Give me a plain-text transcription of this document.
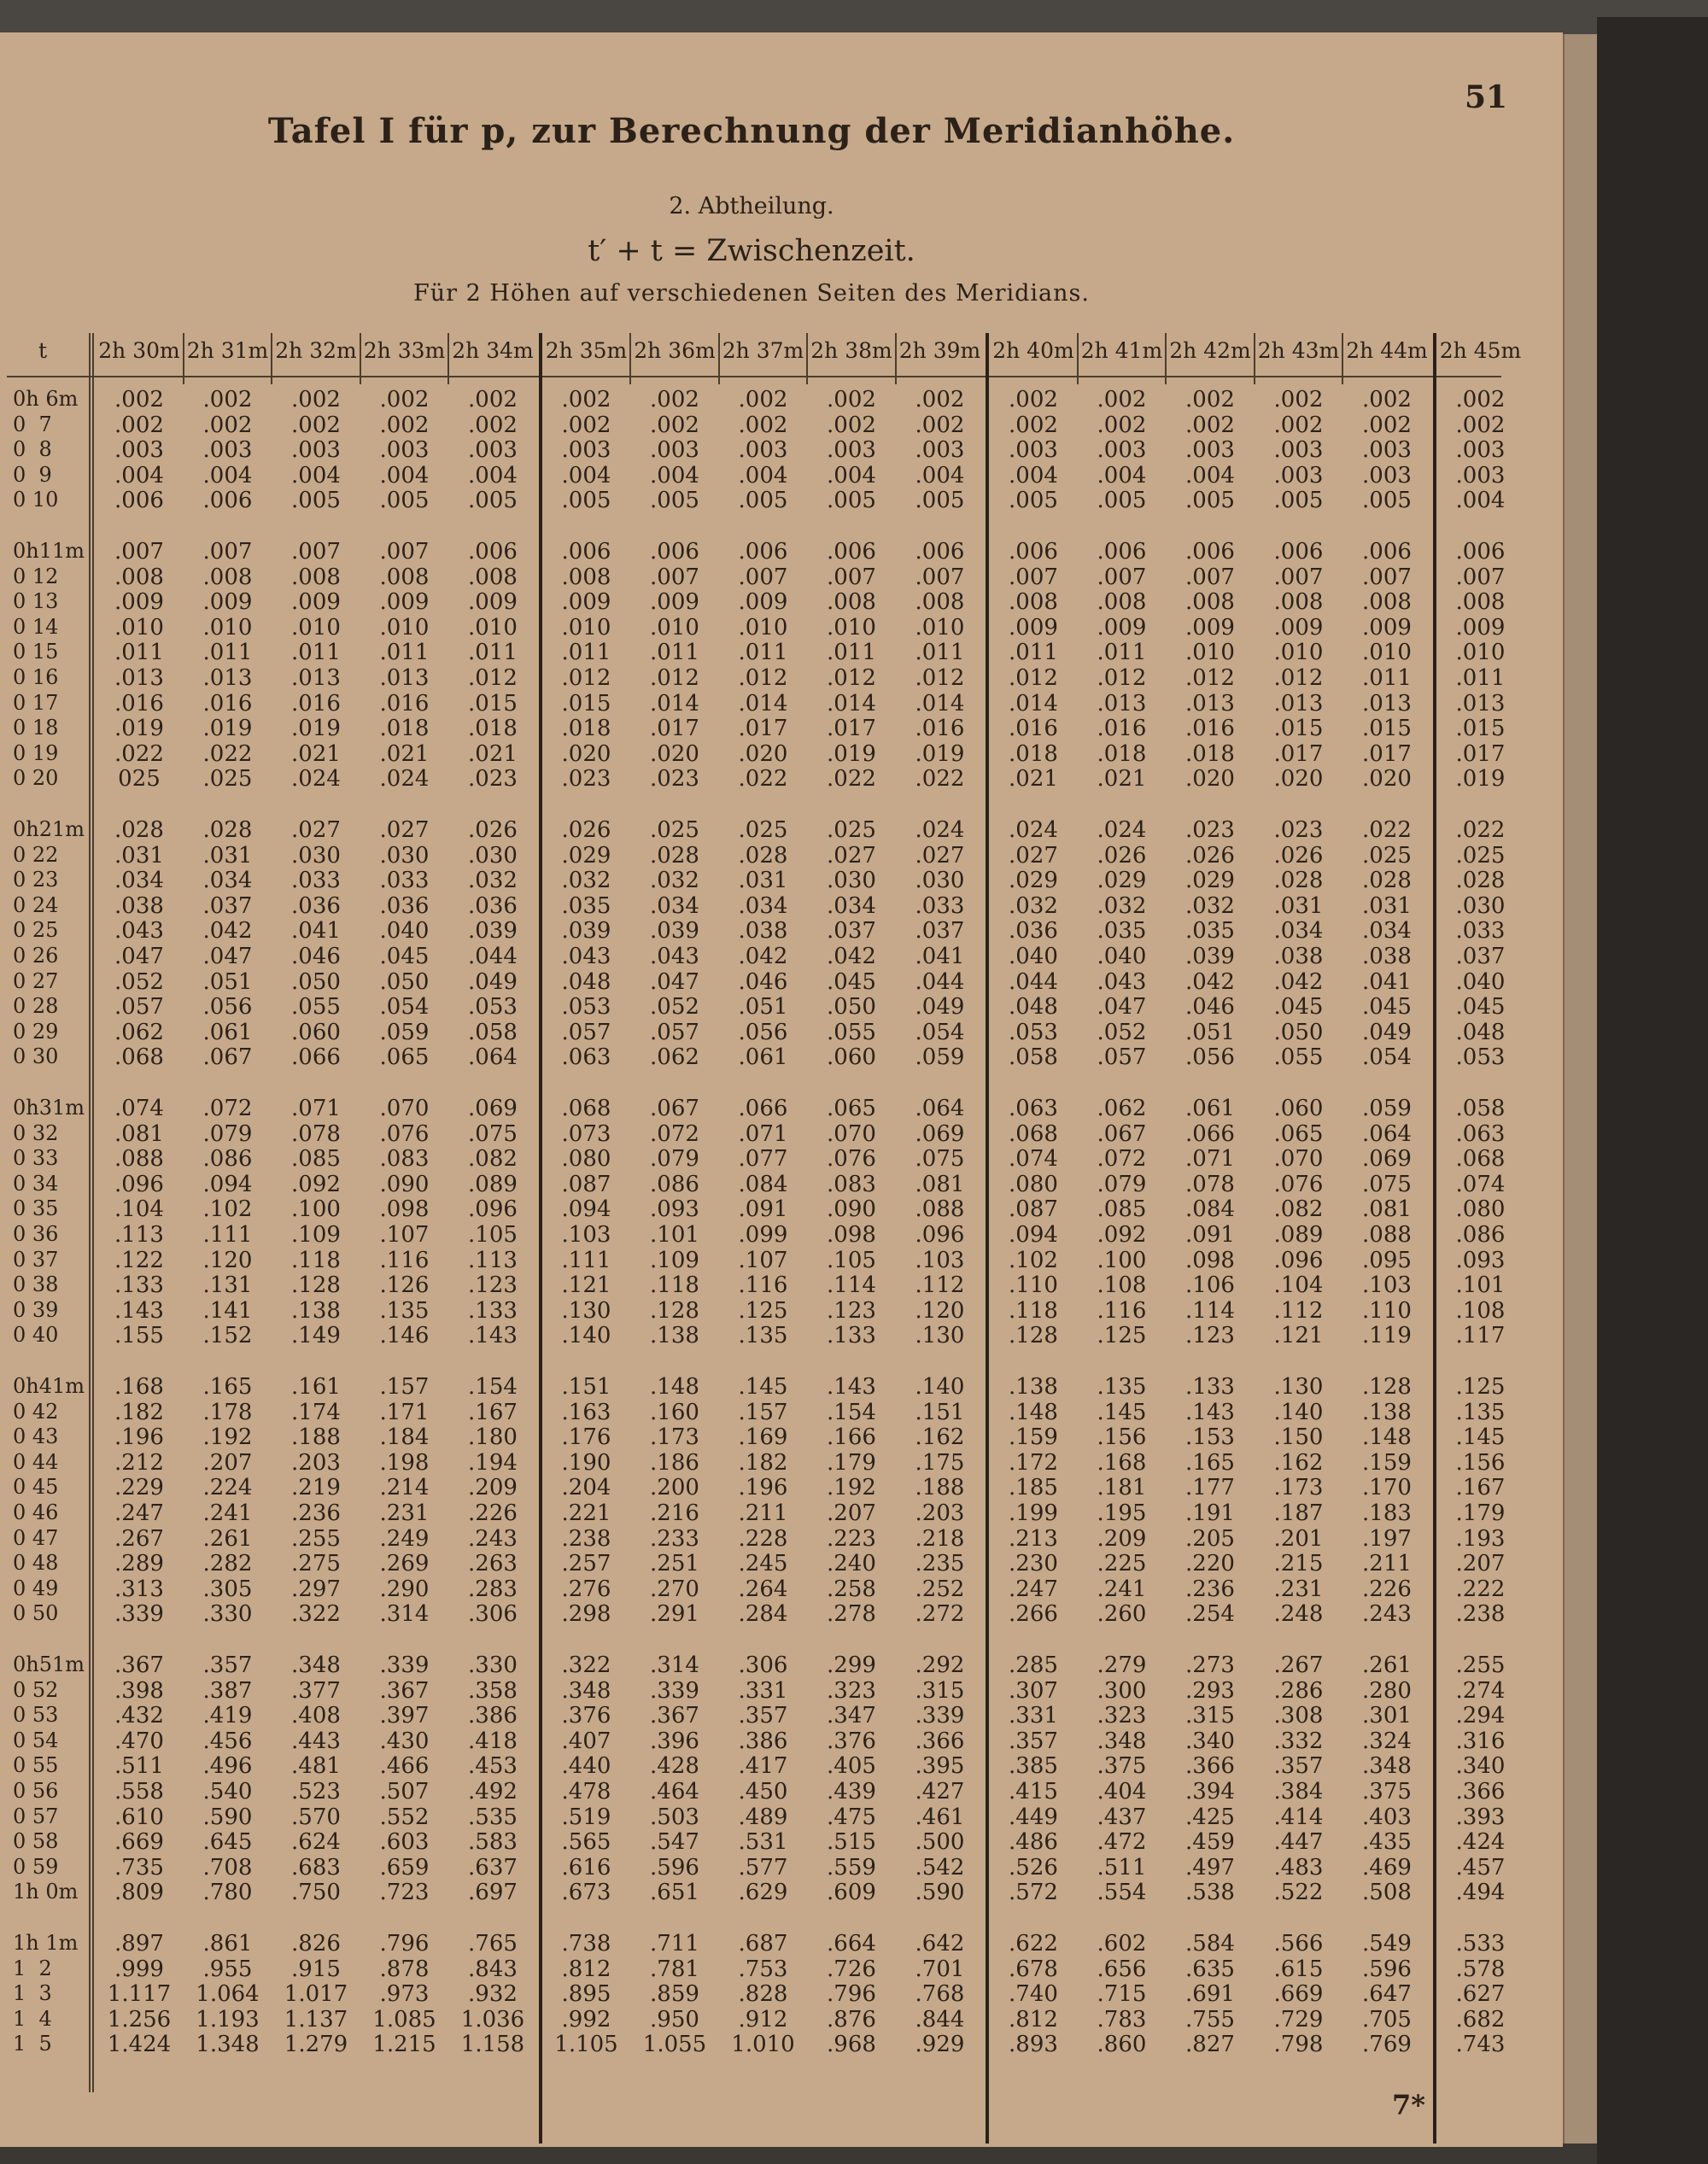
51
Tafel I für p, zur Berechnung der Meridianhöhe.
2. Abtheilung.
t′ + t = Zwischenzeit.
Für 2 Höhen auf verschiedenen Seiten des Meridians.
t	2h 30m 2h 31m 2h 32m 2h 33m 2h 34m 2h 35m 2h 36m 2h 37m 2h 38m 2h 39m 2h 40m 2h 41m 2h 42m 2h 43m 2h 44m 2h 45m
0h 6m	.002	.002	.002	.002	.002	.002	.002	.002	.002	.002	.002	.002	.002	.002	.002	.002
0  7	.002	.002	.002	.002	.002	.002	.002	.002	.002	.002	.002	.002	.002	.002	.002	.002
0  8	.003	.003	.003	.003	.003	.003	.003	.003	.003	.003	.003	.003	.003	.003	.003	.003
0  9	.004	.004	.004	.004	.004	.004	.004	.004	.004	.004	.004	.004	.004	.003	.003	.003
0 10	.006	.006	.005	.005	.005	.005	.005	.005	.005	.005	.005	.005	.005	.005	.005	.004
0h11m	.007	.007	.007	.007	.006	.006	.006	.006	.006	.006	.006	.006	.006	.006	.006	.006
0 12	.008	.008	.008	.008	.008	.008	.007	.007	.007	.007	.007	.007	.007	.007	.007	.007
0 13	.009	.009	.009	.009	.009	.009	.009	.009	.008	.008	.008	.008	.008	.008	.008	.008
0 14	.010	.010	.010	.010	.010	.010	.010	.010	.010	.010	.009	.009	.009	.009	.009	.009
0 15	.011	.011	.011	.011	.011	.011	.011	.011	.011	.011	.011	.011	.010	.010	.010	.010
0 16	.013	.013	.013	.013	.012	.012	.012	.012	.012	.012	.012	.012	.012	.012	.011	.011
0 17	.016	.016	.016	.016	.015	.015	.014	.014	.014	.014	.014	.013	.013	.013	.013	.013
0 18	.019	.019	.019	.018	.018	.018	.017	.017	.017	.016	.016	.016	.016	.015	.015	.015
0 19	.022	.022	.021	.021	.021	.020	.020	.020	.019	.019	.018	.018	.018	.017	.017	.017
0 20	025	.025	.024	.024	.023	.023	.023	.022	.022	.022	.021	.021	.020	.020	.020	.019
0h21m	.028	.028	.027	.027	.026	.026	.025	.025	.025	.024	.024	.024	.023	.023	.022	.022
0 22	.031	.031	.030	.030	.030	.029	.028	.028	.027	.027	.027	.026	.026	.026	.025	.025
0 23	.034	.034	.033	.033	.032	.032	.032	.031	.030	.030	.029	.029	.029	.028	.028	.028
0 24	.038	.037	.036	.036	.036	.035	.034	.034	.034	.033	.032	.032	.032	.031	.031	.030
0 25	.043	.042	.041	.040	.039	.039	.039	.038	.037	.037	.036	.035	.035	.034	.034	.033
0 26	.047	.047	.046	.045	.044	.043	.043	.042	.042	.041	.040	.040	.039	.038	.038	.037
0 27	.052	.051	.050	.050	.049	.048	.047	.046	.045	.044	.044	.043	.042	.042	.041	.040
0 28	.057	.056	.055	.054	.053	.053	.052	.051	.050	.049	.048	.047	.046	.045	.045	.045
0 29	.062	.061	.060	.059	.058	.057	.057	.056	.055	.054	.053	.052	.051	.050	.049	.048
0 30	.068	.067	.066	.065	.064	.063	.062	.061	.060	.059	.058	.057	.056	.055	.054	.053
0h31m	.074	.072	.071	.070	.069	.068	.067	.066	.065	.064	.063	.062	.061	.060	.059	.058
0 32	.081	.079	.078	.076	.075	.073	.072	.071	.070	.069	.068	.067	.066	.065	.064	.063
0 33	.088	.086	.085	.083	.082	.080	.079	.077	.076	.075	.074	.072	.071	.070	.069	.068
0 34	.096	.094	.092	.090	.089	.087	.086	.084	.083	.081	.080	.079	.078	.076	.075	.074
0 35	.104	.102	.100	.098	.096	.094	.093	.091	.090	.088	.087	.085	.084	.082	.081	.080
0 36	.113	.111	.109	.107	.105	.103	.101	.099	.098	.096	.094	.092	.091	.089	.088	.086
0 37	.122	.120	.118	.116	.113	.111	.109	.107	.105	.103	.102	.100	.098	.096	.095	.093
0 38	.133	.131	.128	.126	.123	.121	.118	.116	.114	.112	.110	.108	.106	.104	.103	.101
0 39	.143	.141	.138	.135	.133	.130	.128	.125	.123	.120	.118	.116	.114	.112	.110	.108
0 40	.155	.152	.149	.146	.143	.140	.138	.135	.133	.130	.128	.125	.123	.121	.119	.117
0h41m	.168	.165	.161	.157	.154	.151	.148	.145	.143	.140	.138	.135	.133	.130	.128	.125
0 42	.182	.178	.174	.171	.167	.163	.160	.157	.154	.151	.148	.145	.143	.140	.138	.135
0 43	.196	.192	.188	.184	.180	.176	.173	.169	.166	.162	.159	.156	.153	.150	.148	.145
0 44	.212	.207	.203	.198	.194	.190	.186	.182	.179	.175	.172	.168	.165	.162	.159	.156
0 45	.229	.224	.219	.214	.209	.204	.200	.196	.192	.188	.185	.181	.177	.173	.170	.167
0 46	.247	.241	.236	.231	.226	.221	.216	.211	.207	.203	.199	.195	.191	.187	.183	.179
0 47	.267	.261	.255	.249	.243	.238	.233	.228	.223	.218	.213	.209	.205	.201	.197	.193
0 48	.289	.282	.275	.269	.263	.257	.251	.245	.240	.235	.230	.225	.220	.215	.211	.207
0 49	.313	.305	.297	.290	.283	.276	.270	.264	.258	.252	.247	.241	.236	.231	.226	.222
0 50	.339	.330	.322	.314	.306	.298	.291	.284	.278	.272	.266	.260	.254	.248	.243	.238
0h51m	.367	.357	.348	.339	.330	.322	.314	.306	.299	.292	.285	.279	.273	.267	.261	.255
0 52	.398	.387	.377	.367	.358	.348	.339	.331	.323	.315	.307	.300	.293	.286	.280	.274
0 53	.432	.419	.408	.397	.386	.376	.367	.357	.347	.339	.331	.323	.315	.308	.301	.294
0 54	.470	.456	.443	.430	.418	.407	.396	.386	.376	.366	.357	.348	.340	.332	.324	.316
0 55	.511	.496	.481	.466	.453	.440	.428	.417	.405	.395	.385	.375	.366	.357	.348	.340
0 56	.558	.540	.523	.507	.492	.478	.464	.450	.439	.427	.415	.404	.394	.384	.375	.366
0 57	.610	.590	.570	.552	.535	.519	.503	.489	.475	.461	.449	.437	.425	.414	.403	.393
0 58	.669	.645	.624	.603	.583	.565	.547	.531	.515	.500	.486	.472	.459	.447	.435	.424
0 59	.735	.708	.683	.659	.637	.616	.596	.577	.559	.542	.526	.511	.497	.483	.469	.457
1h 0m	.809	.780	.750	.723	.697	.673	.651	.629	.609	.590	.572	.554	.538	.522	.508	.494
1h 1m	.897	.861	.826	.796	.765	.738	.711	.687	.664	.642	.622	.602	.584	.566	.549	.533
1  2	.999	.955	.915	.878	.843	.812	.781	.753	.726	.701	.678	.656	.635	.615	.596	.578
1  3	1.117	1.064	1.017	.973	.932	.895	.859	.828	.796	.768	.740	.715	.691	.669	.647	.627
1  4	1.256	1.193	1.137	1.085	1.036	.992	.950	.912	.876	.844	.812	.783	.755	.729	.705	.682
1  5	1.424	1.348	1.279	1.215	1.158	1.105	1.055	1.010	.968	.929	.893	.860	.827	.798	.769	.743
7*
